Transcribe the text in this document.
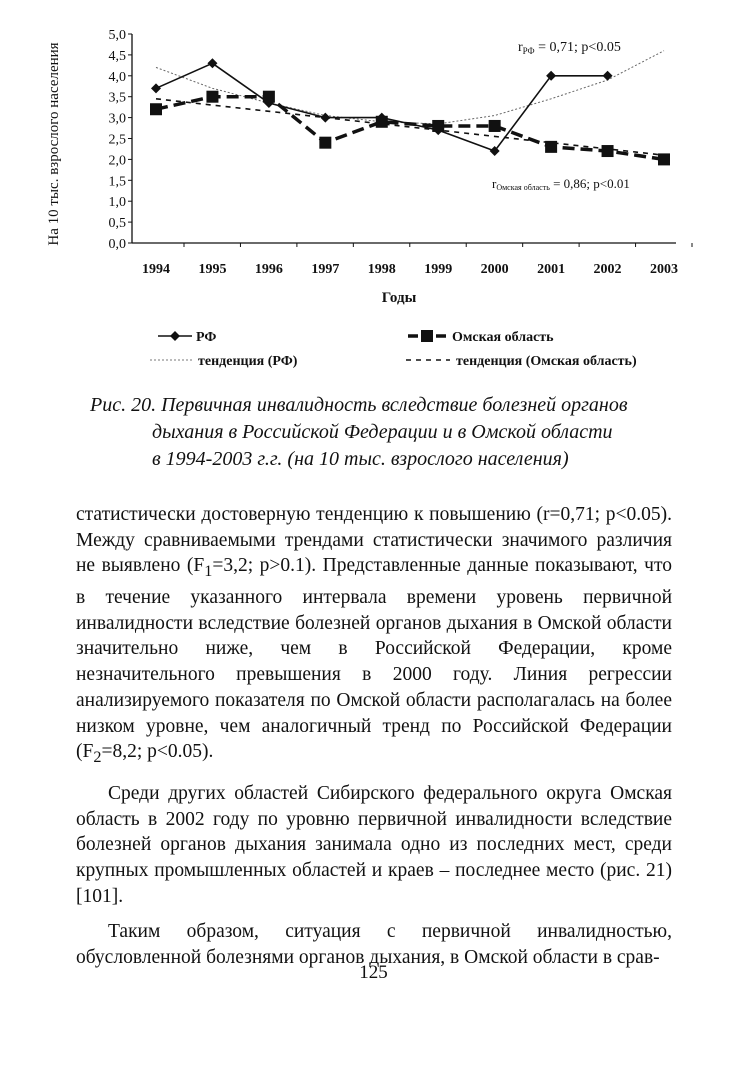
На 10 тыс. взрослого населения	0,0
0,5
1,0
1,5
2,0
2,5
3,0
3,5
4,0
4,5
5,0
1994 1995 1996 1997 1998 1999 2000 2001 2002 2003
Годы
$r_{РФ} = 0,71$; p<0.05
rОмская область = 0,86; p<0.01
РФ	Омская область
тенденция (РФ)	тенденция (Омская область)
Рис. 20. Первичная инвалидность вследствие болезней органов
дыхания в Российской Федерации и в Омской области
в 1994-2003 г.г. (на 10 тыс. взрослого населения)

статистически достоверную тенденцию к повышению (r=0,71; p<0.05). Между сравниваемыми трендами статистически значимого различия не выявлено ($F_1=3,2$; p>0.1). Представленные данные показывают, что в течение указанного интервала времени уровень первичной инвалидности вследствие болезней органов дыхания в Омской области значительно ниже, чем в Российской Федерации, кроме незначительного превышения в 2000 году. Линия регрессии анализируемого показателя по Омской области располагалась на более низком уровне, чем аналогичный тренд по Российской Федерации ($F_2=8,2$; p<0.05).

Среди других областей Сибирского федерального округа Омская область в 2002 году по уровню первичной инвалидности вследствие болезней органов дыхания занимала одно из последних мест, среди крупных промышленных областей и краев – последнее место (рис. 21) [101].

Таким образом, ситуация с первичной инвалидностью, обусловленной болезнями органов дыхания, в Омской области в срав-

125
